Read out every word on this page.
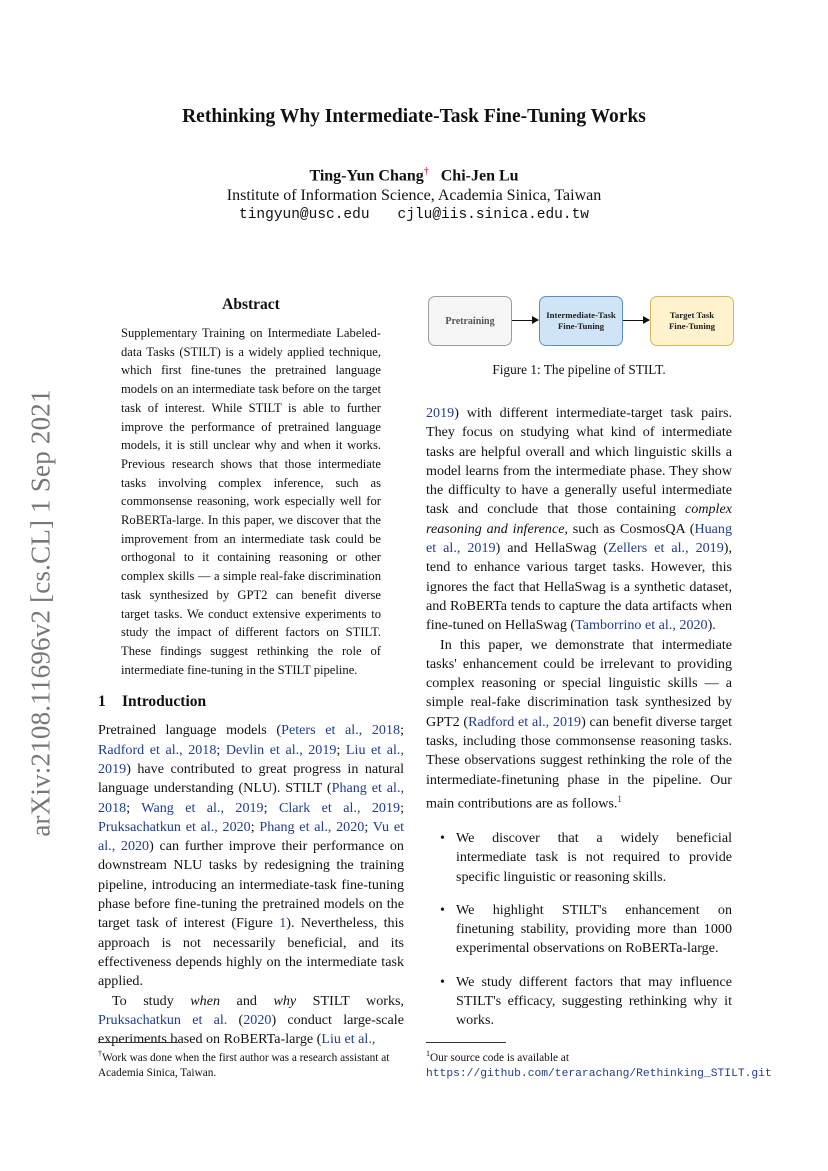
arXiv:2108.11696v2 [cs.CL] 1 Sep 2021
Rethinking Why Intermediate-Task Fine-Tuning Works
Ting-Yun Chang† Chi-Jen Lu
Institute of Information Science, Academia Sinica, Taiwan
tingyun@usc.edu cjlu@iis.sinica.edu.tw
Abstract

Supplementary Training on Intermediate Labeled-data Tasks (STILT) is a widely applied technique, which first fine-tunes the pretrained language models on an intermediate task before on the target task of interest. While STILT is able to further improve the performance of pretrained language models, it is still unclear why and when it works. Previous research shows that those intermediate tasks involving complex inference, such as commonsense reasoning, work especially well for RoBERTa-large. In this paper, we discover that the improvement from an intermediate task could be orthogonal to it containing reasoning or other complex skills — a simple real-fake discrimination task synthesized by GPT2 can benefit diverse target tasks. We conduct extensive experiments to study the impact of different factors on STILT. These findings suggest rethinking the role of intermediate fine-tuning in the STILT pipeline.

1 Introduction

Pretrained language models (Peters et al., 2018; Radford et al., 2018; Devlin et al., 2019; Liu et al., 2019) have contributed to great progress in natural language understanding (NLU). STILT (Phang et al., 2018; Wang et al., 2019; Clark et al., 2019; Pruksachatkun et al., 2020; Phang et al., 2020; Vu et al., 2020) can further improve their performance on downstream NLU tasks by redesigning the training pipeline, introducing an intermediate-task fine-tuning phase before fine-tuning the pretrained models on the target task of interest (Figure 1). Nevertheless, this approach is not necessarily beneficial, and its effectiveness depends highly on the intermediate task applied.

To study when and why STILT works, Pruksachatkun et al. (2020) conduct large-scale experiments based on RoBERTa-large (Liu et al.,

Pretraining
Intermediate-Task
Fine-Tuning
Target Task
Fine-Tuning
Figure 1: The pipeline of STILT.

2019) with different intermediate-target task pairs. They focus on studying what kind of intermediate tasks are helpful overall and which linguistic skills a model learns from the intermediate phase. They show the difficulty to have a generally useful intermediate task and conclude that those containing complex reasoning and inference, such as CosmosQA (Huang et al., 2019) and HellaSwag (Zellers et al., 2019), tend to enhance various target tasks. However, this ignores the fact that HellaSwag is a synthetic dataset, and RoBERTa tends to capture the data artifacts when fine-tuned on HellaSwag (Tamborrino et al., 2020).

In this paper, we demonstrate that intermediate tasks' enhancement could be irrelevant to providing complex reasoning or special linguistic skills — a simple real-fake discrimination task synthesized by GPT2 (Radford et al., 2019) can benefit diverse target tasks, including those commonsense reasoning tasks. These observations suggest rethinking the role of the intermediate-finetuning phase in the pipeline. Our main contributions are as follows.$^1$

• We discover that a widely beneficial intermediate task is not required to provide specific linguistic or reasoning skills.
• We highlight STILT's enhancement on finetuning stability, providing more than 1000 experimental observations on RoBERTa-large.
• We study different factors that may influence STILT's efficacy, suggesting rethinking why it works.

†Work was done when the first author was a research assistant at Academia Sinica, Taiwan.

$^1$Our source code is available at https://github.com/terarachang/Rethinking_STILT.git
